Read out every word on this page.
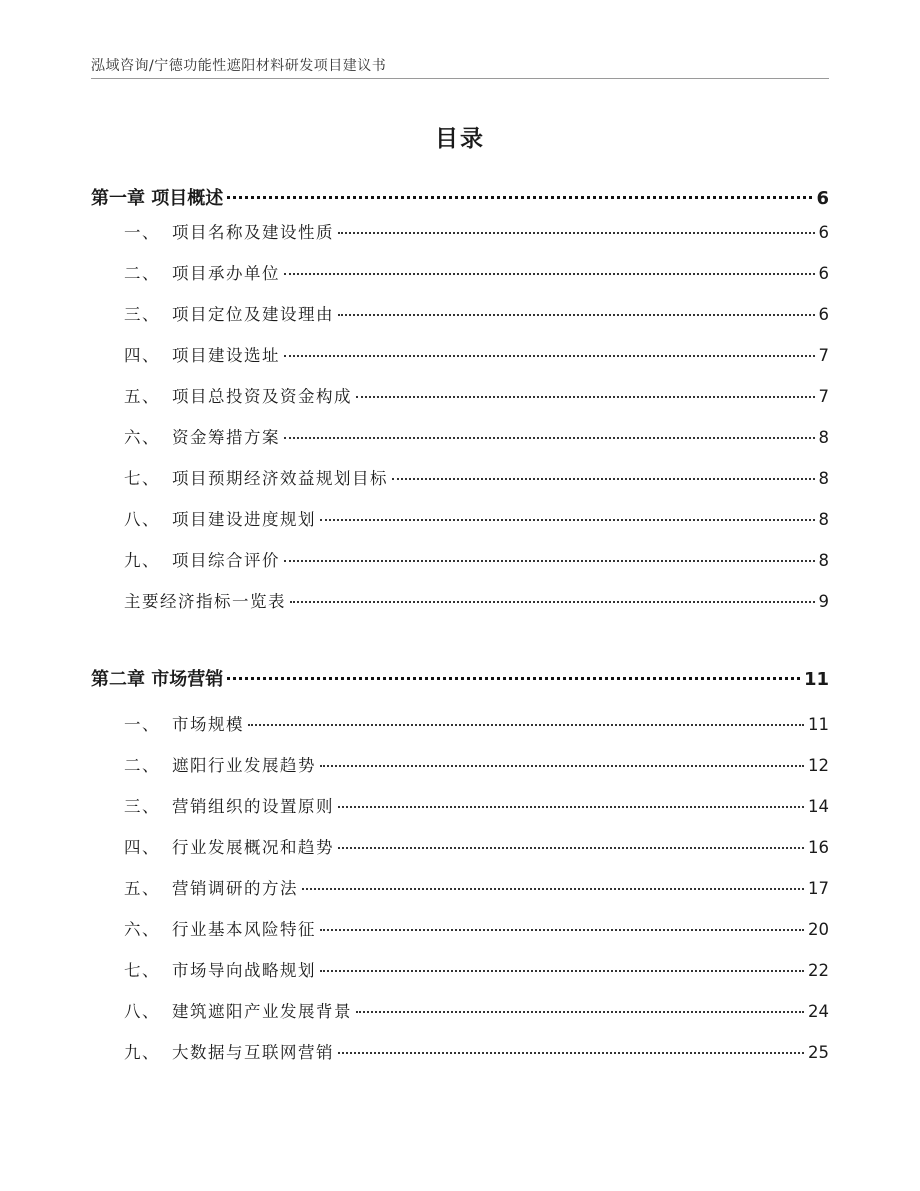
泓域咨询/宁德功能性遮阳材料研发项目建议书
目录
第一章 项目概述	6
一、 项目名称及建设性质	6
二、 项目承办单位	6
三、 项目定位及建设理由	6
四、 项目建设选址	7
五、 项目总投资及资金构成	7
六、 资金筹措方案	8
七、 项目预期经济效益规划目标	8
八、 项目建设进度规划	8
九、 项目综合评价	8
主要经济指标一览表	9
第二章 市场营销	11
一、 市场规模	11
二、 遮阳行业发展趋势	12
三、 营销组织的设置原则	14
四、 行业发展概况和趋势	16
五、 营销调研的方法	17
六、 行业基本风险特征	20
七、 市场导向战略规划	22
八、 建筑遮阳产业发展背景	24
九、 大数据与互联网营销	25
